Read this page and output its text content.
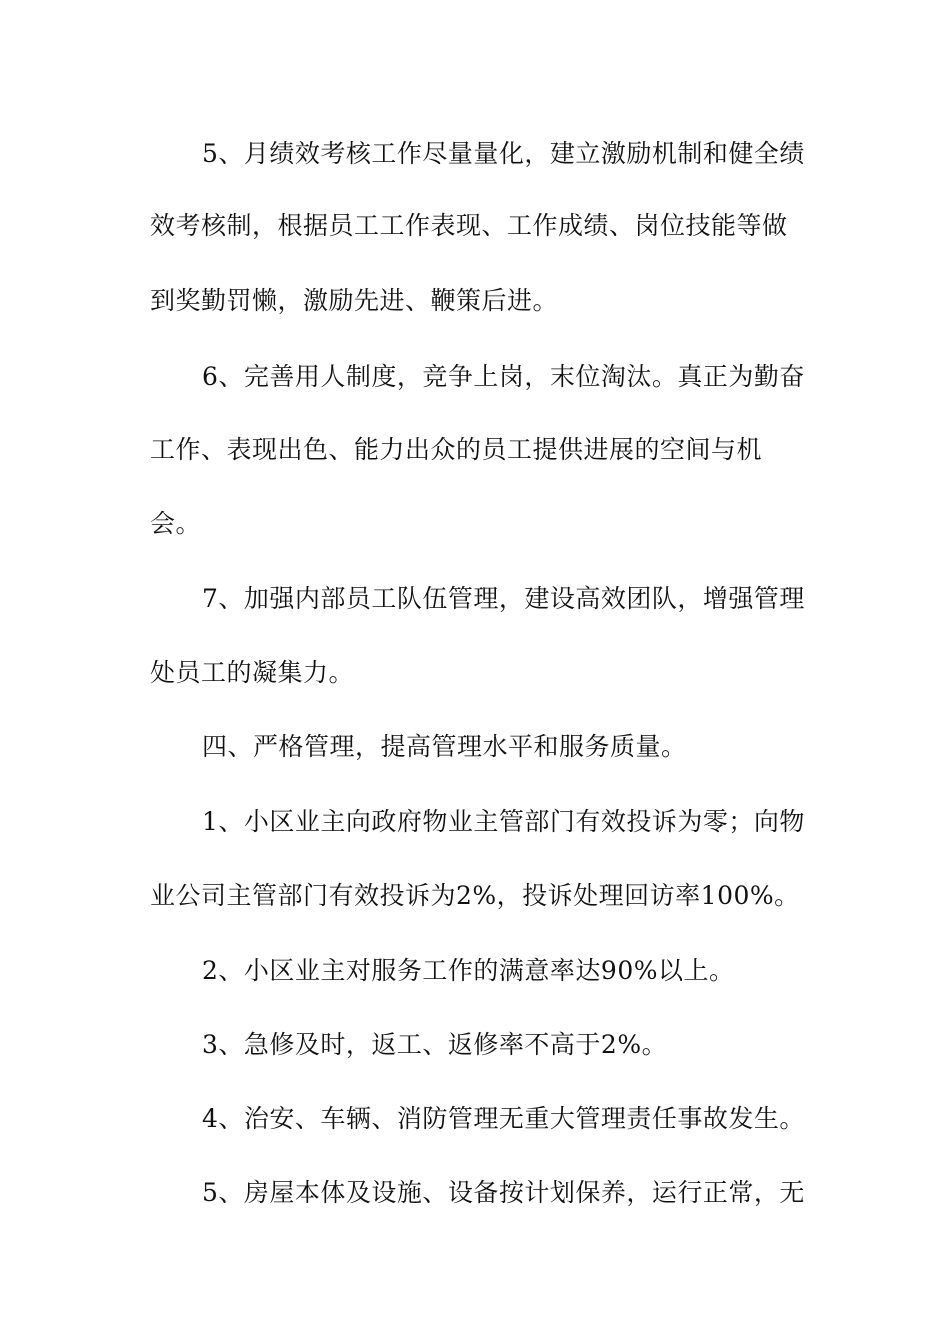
5、月绩效考核工作尽量量化，建立激励机制和健全绩
效考核制，根据员工工作表现、工作成绩、岗位技能等做
到奖勤罚懒，激励先进、鞭策后进。
6、完善用人制度，竞争上岗，末位淘汰。真正为勤奋
工作、表现出色、能力出众的员工提供进展的空间与机
会。
7、加强内部员工队伍管理，建设高效团队，增强管理
处员工的凝集力。
四、严格管理，提高管理水平和服务质量。
1、小区业主向政府物业主管部门有效投诉为零；向物
业公司主管部门有效投诉为2%，投诉处理回访率100%。
2、小区业主对服务工作的满意率达90%以上。
3、急修及时，返工、返修率不高于2%。
4、治安、车辆、消防管理无重大管理责任事故发生。
5、房屋本体及设施、设备按计划保养，运行正常，无
